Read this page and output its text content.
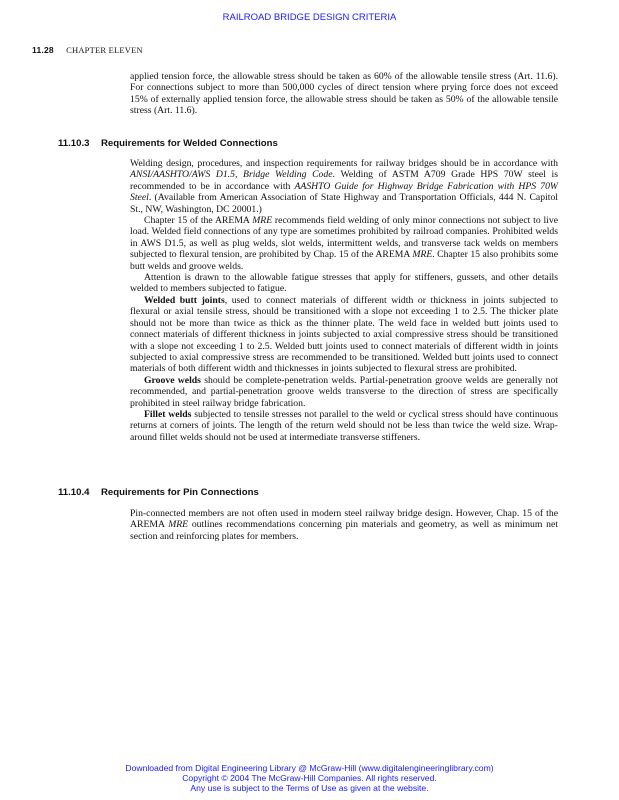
RAILROAD BRIDGE DESIGN CRITERIA
11.28 CHAPTER ELEVEN

applied tension force, the allowable stress should be taken as 60% of the allowable tensile stress (Art. 11.6). For connections subject to more than 500,000 cycles of direct tension where prying force does not exceed 15% of externally applied tension force, the allowable stress should be taken as 50% of the allowable tensile stress (Art. 11.6).

11.10.3 Requirements for Welded Connections

Welding design, procedures, and inspection requirements for railway bridges should be in accordance with ANSI/AASHTO/AWS D1.5, Bridge Welding Code. Welding of ASTM A709 Grade HPS 70W steel is recommended to be in accordance with AASHTO Guide for Highway Bridge Fabrication with HPS 70W Steel. (Available from American Association of State Highway and Transportation Officials, 444 N. Capitol St., NW, Washington, DC 20001.)

Chapter 15 of the AREMA MRE recommends field welding of only minor connections not subject to live load. Welded field connections of any type are sometimes prohibited by railroad companies. Prohibited welds in AWS D1.5, as well as plug welds, slot welds, intermittent welds, and transverse tack welds on members subjected to flexural tension, are prohibited by Chap. 15 of the AREMA MRE. Chapter 15 also prohibits some butt welds and groove welds.

Attention is drawn to the allowable fatigue stresses that apply for stiffeners, gussets, and other details welded to members subjected to fatigue.

Welded butt joints, used to connect materials of different width or thickness in joints subjected to flexural or axial tensile stress, should be transitioned with a slope not exceeding 1 to 2.5. The thicker plate should not be more than twice as thick as the thinner plate. The weld face in welded butt joints used to connect materials of different thickness in joints subjected to axial compressive stress should be transitioned with a slope not exceeding 1 to 2.5. Welded butt joints used to connect materials of different width in joints subjected to axial compressive stress are recommended to be transitioned. Welded butt joints used to connect materials of both different width and thicknesses in joints subjected to flexural stress are prohibited.

Groove welds should be complete-penetration welds. Partial-penetration groove welds are generally not recommended, and partial-penetration groove welds transverse to the direction of stress are specifically prohibited in steel railway bridge fabrication.

Fillet welds subjected to tensile stresses not parallel to the weld or cyclical stress should have continuous returns at corners of joints. The length of the return weld should not be less than twice the weld size. Wrap-around fillet welds should not be used at intermediate transverse stiffeners.

11.10.4 Requirements for Pin Connections

Pin-connected members are not often used in modern steel railway bridge design. However, Chap. 15 of the AREMA MRE outlines recommendations concerning pin materials and geometry, as well as minimum net section and reinforcing plates for members.

Downloaded from Digital Engineering Library @ McGraw-Hill (www.digitalengineeringlibrary.com)
Copyright © 2004 The McGraw-Hill Companies. All rights reserved.
Any use is subject to the Terms of Use as given at the website.
